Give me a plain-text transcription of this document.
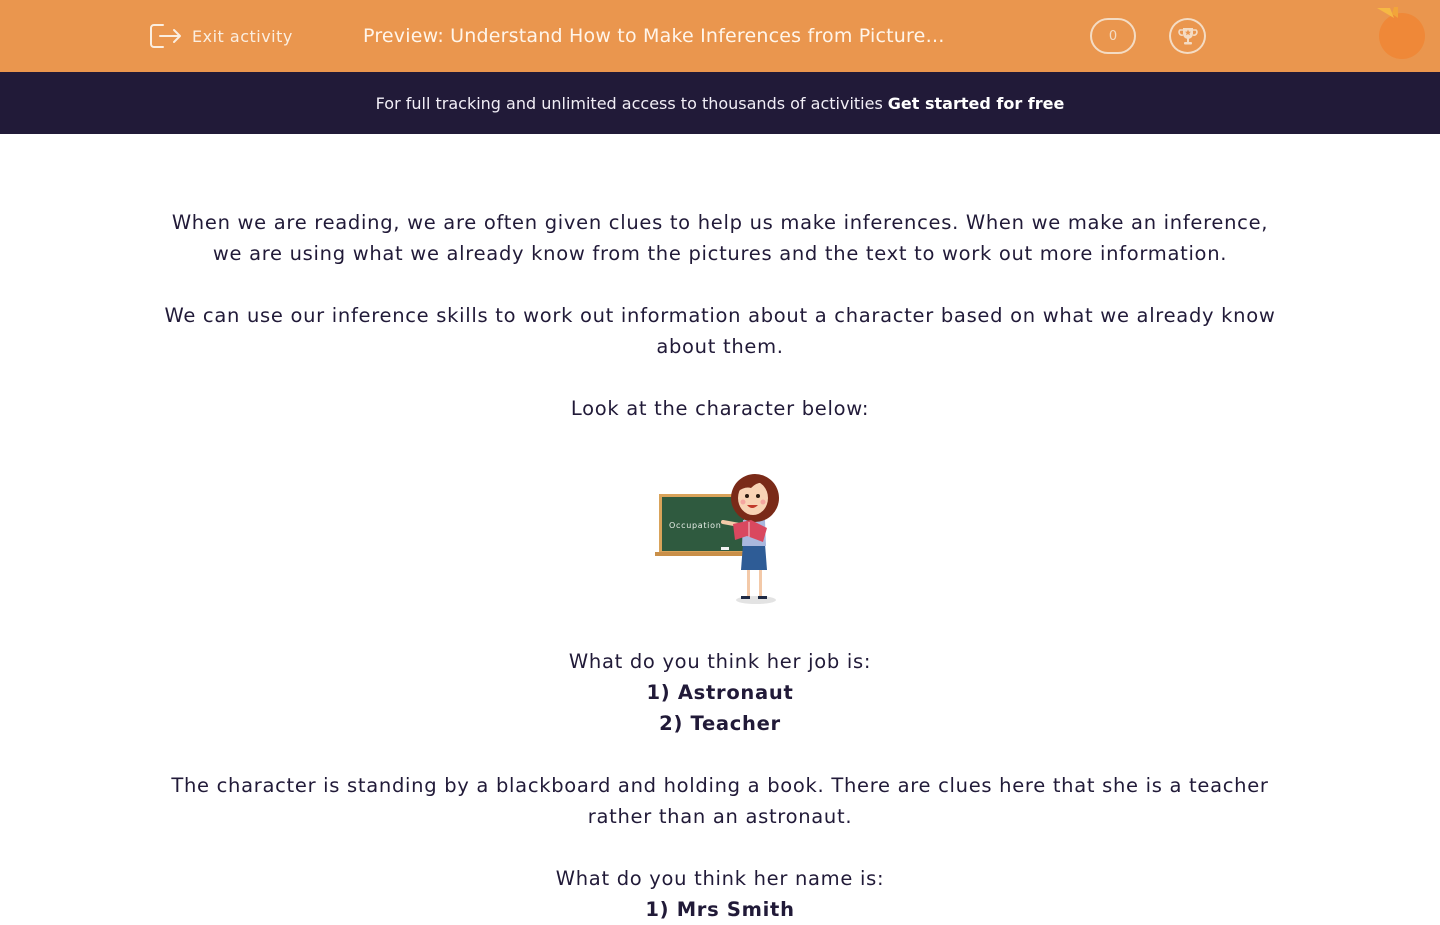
Exit activity	Preview: Understand How to Make Inferences from Picture…	0
For full tracking and unlimited access to thousands of activities Get started for free

When we are reading, we are often given clues to help us make inferences. When we make an inference,

we are using what we already know from the pictures and the text to work out more information.

We can use our inference skills to work out information about a character based on what we already know

about them.

Look at the character below:

Occupation

What do you think her job is:

1) Astronaut

2) Teacher

The character is standing by a blackboard and holding a book. There are clues here that she is a teacher

rather than an astronaut.

What do you think her name is:

1) Mrs Smith
